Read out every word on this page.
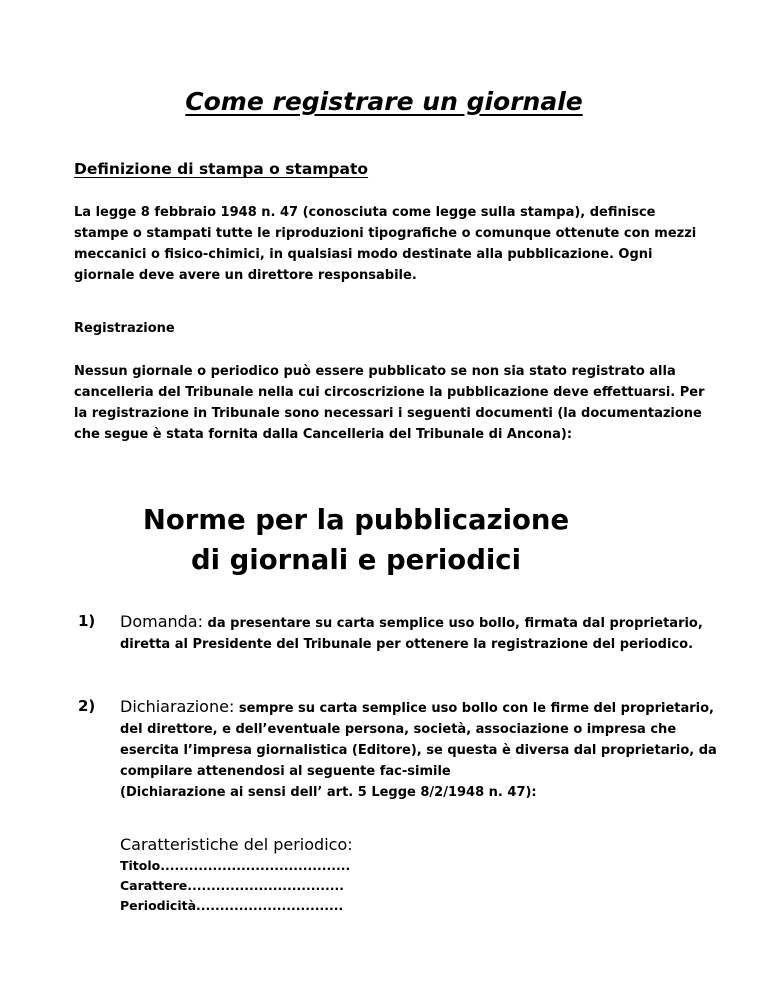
Come registrare un giornale
Definizione di stampa o stampato
La legge 8 febbraio 1948 n. 47 (conosciuta come legge sulla stampa), definisce stampe o stampati tutte le riproduzioni tipografiche o comunque ottenute con mezzi meccanici o fisico-chimici, in qualsiasi modo destinate alla pubblicazione. Ogni giornale deve avere un direttore responsabile.
Registrazione
Nessun giornale o periodico può essere pubblicato se non sia stato registrato alla cancelleria del Tribunale nella cui circoscrizione la pubblicazione deve effettuarsi. Per la registrazione in Tribunale sono necessari i seguenti documenti (la documentazione che segue è stata fornita dalla Cancelleria del Tribunale di Ancona):
Norme per la pubblicazione
di giornali e periodici
1) Domanda: da presentare su carta semplice uso bollo, firmata dal proprietario, diretta al Presidente del Tribunale per ottenere la registrazione del periodico.
2) Dichiarazione: sempre su carta semplice uso bollo con le firme del proprietario, del direttore, e dell’eventuale persona, società, associazione o impresa che esercita l’impresa giornalistica (Editore), se questa è diversa dal proprietario, da compilare attenendosi al seguente fac-simile
(Dichiarazione ai sensi dell’ art. 5 Legge 8/2/1948 n. 47):
Caratteristiche del periodico:
Titolo........................................
Carattere.................................
Periodicità...............................
